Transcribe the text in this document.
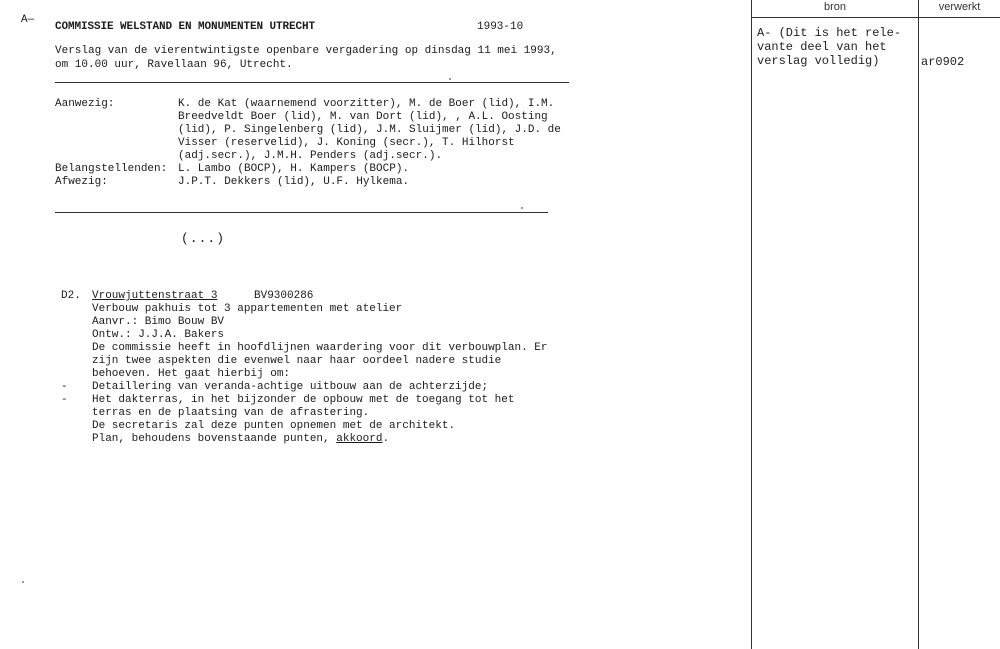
A—
COMMISSIE WELSTAND EN MONUMENTEN UTRECHT	1993-10
Verslag van de vierentwintigste openbare vergadering op dinsdag 11 mei 1993,
om 10.00 uur, Ravellaan 96, Utrecht.
Aanwezig:	K. de Kat (waarnemend voorzitter), M. de Boer (lid), I.M.
Breedveldt Boer (lid), M. van Dort (lid), , A.L. Oosting
(lid), P. Singelenberg (lid), J.M. Sluijmer (lid), J.D. de
Visser (reservelid), J. Koning (secr.), T. Hilhorst
(adj.secr.), J.M.H. Penders (adj.secr.).
Belangstellenden: L. Lambo (BOCP), H. Kampers (BOCP).
Afwezig:	J.P.T. Dekkers (lid), U.F. Hylkema.
(...)
D2. Vrouwjuttenstraat 3	BV9300286
Verbouw pakhuis tot 3 appartementen met atelier
Aanvr.: Bimo Bouw BV
Ontw.: J.J.A. Bakers
De commissie heeft in hoofdlijnen waardering voor dit verbouwplan. Er
zijn twee aspekten die evenwel naar haar oordeel nadere studie
behoeven. Het gaat hierbij om:
- Detaillering van veranda-achtige uitbouw aan de achterzijde;
- Het dakterras, in het bijzonder de opbouw met de toegang tot het
terras en de plaatsing van de afrastering.
De secretaris zal deze punten opnemen met de architekt.
Plan, behoudens bovenstaande punten, akkoord.
bron	verwerkt
A- (Dit is het rele-
vante deel van het
verslag volledig)	ar0902
